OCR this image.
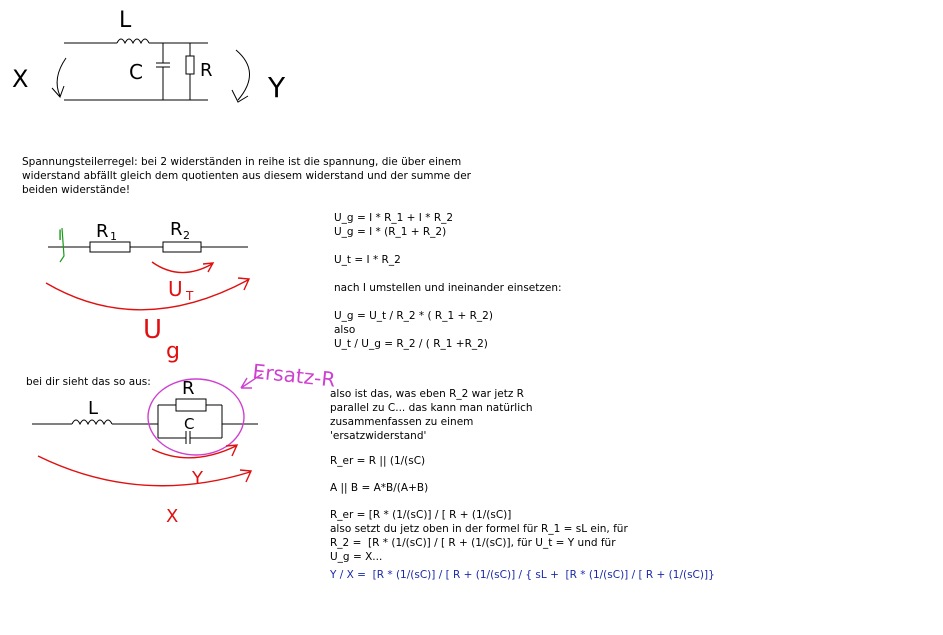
L
C	R
X	Y
I R 1	R 2
U T
U
g
Ersatz-R
L
R
C
Y
X
Spannungsteilerregel: bei 2 widerständen in reihe ist die spannung, die über einem
widerstand abfällt gleich dem quotienten aus diesem widerstand und der summe der
beiden widerstände!
U_g = I * R_1 + I * R_2
U_g = I * (R_1 + R_2)
U_t = I * R_2
nach I umstellen und ineinander einsetzen:
U_g = U_t / R_2 * ( R_1 + R_2)
also
U_t / U_g = R_2 / ( R_1 +R_2)
bei dir sieht das so aus:
also ist das, was eben R_2 war jetz R
parallel zu C... das kann man natürlich
zusammenfassen zu einem
'ersatzwiderstand'
R_er = R || (1/(sC)
A || B = A*B/(A+B)
R_er = [R * (1/(sC)] / [ R + (1/(sC)]
also setzt du jetz oben in der formel für R_1 = sL ein, für
R_2 =  [R * (1/(sC)] / [ R + (1/(sC)], für U_t = Y und für
U_g = X...
Y / X =  [R * (1/(sC)] / [ R + (1/(sC)] / { sL +  [R * (1/(sC)] / [ R + (1/(sC)]}
